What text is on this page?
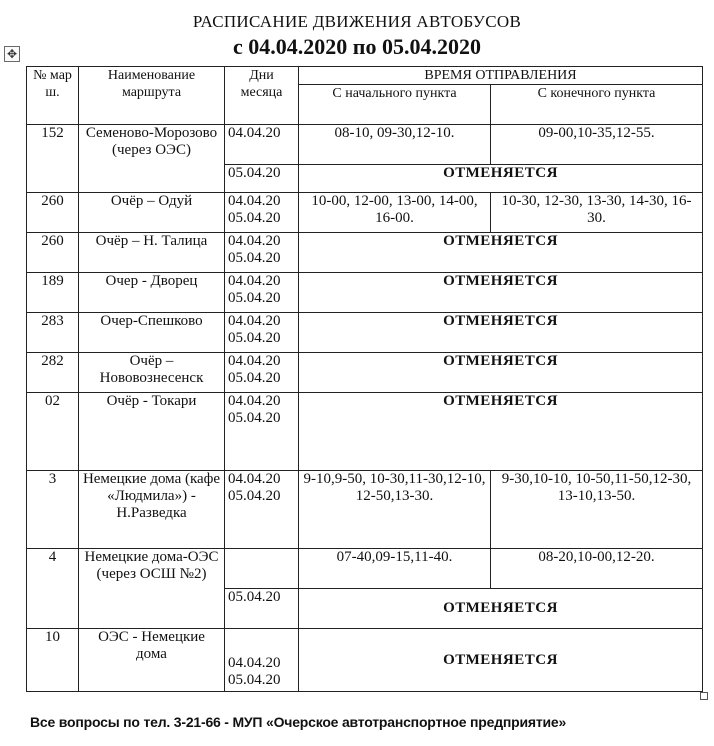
РАСПИСАНИЕ ДВИЖЕНИЯ АВТОБУСОВ
с 04.04.2020 по 05.04.2020
✥
№ мар ш.	Наименование маршрута	Дни месяца	ВРЕМЯ ОТПРАВЛЕНИЯ	
			С начального пункта	С конечного пункта
152	Семеново-Морозово (через ОЭС)	04.04.20	08-10, 09-30,12-10.	09-00,10-35,12-55.
		05.04.20	ОТМЕНЯЕТСЯ	
260	Очёр – Одуй	04.04.20 05.04.20	10-00, 12-00, 13-00, 14-00, 16-00.	10-30, 12-30, 13-30, 14-30, 16-30.
260	Очёр – Н. Талица	04.04.20 05.04.20	ОТМЕНЯЕТСЯ	
189	Очер - Дворец	04.04.20 05.04.20	ОТМЕНЯЕТСЯ	
283	Очер-Спешково	04.04.20 05.04.20	ОТМЕНЯЕТСЯ	
282	Очёр – Нововознесенск	04.04.20 05.04.20	ОТМЕНЯЕТСЯ	
02	Очёр - Токари	04.04.20 05.04.20	ОТМЕНЯЕТСЯ	
3	Немецкие дома (кафе «Людмила») - Н.Разведка	04.04.20 05.04.20	9-10,9-50, 10-30,11-30,12-10, 12-50,13-30.	9-30,10-10, 10-50,11-50,12-30, 13-10,13-50.
4	Немецкие дома-ОЭС (через ОСШ №2)		07-40,09-15,11-40.	08-20,10-00,12-20.
		05.04.20	ОТМЕНЯЕТСЯ	
10	ОЭС - Немецкие дома	04.04.20 05.04.20	ОТМЕНЯЕТСЯ	
Все вопросы по тел. 3-21-66 - МУП «Очерское автотранспортное предприятие»
